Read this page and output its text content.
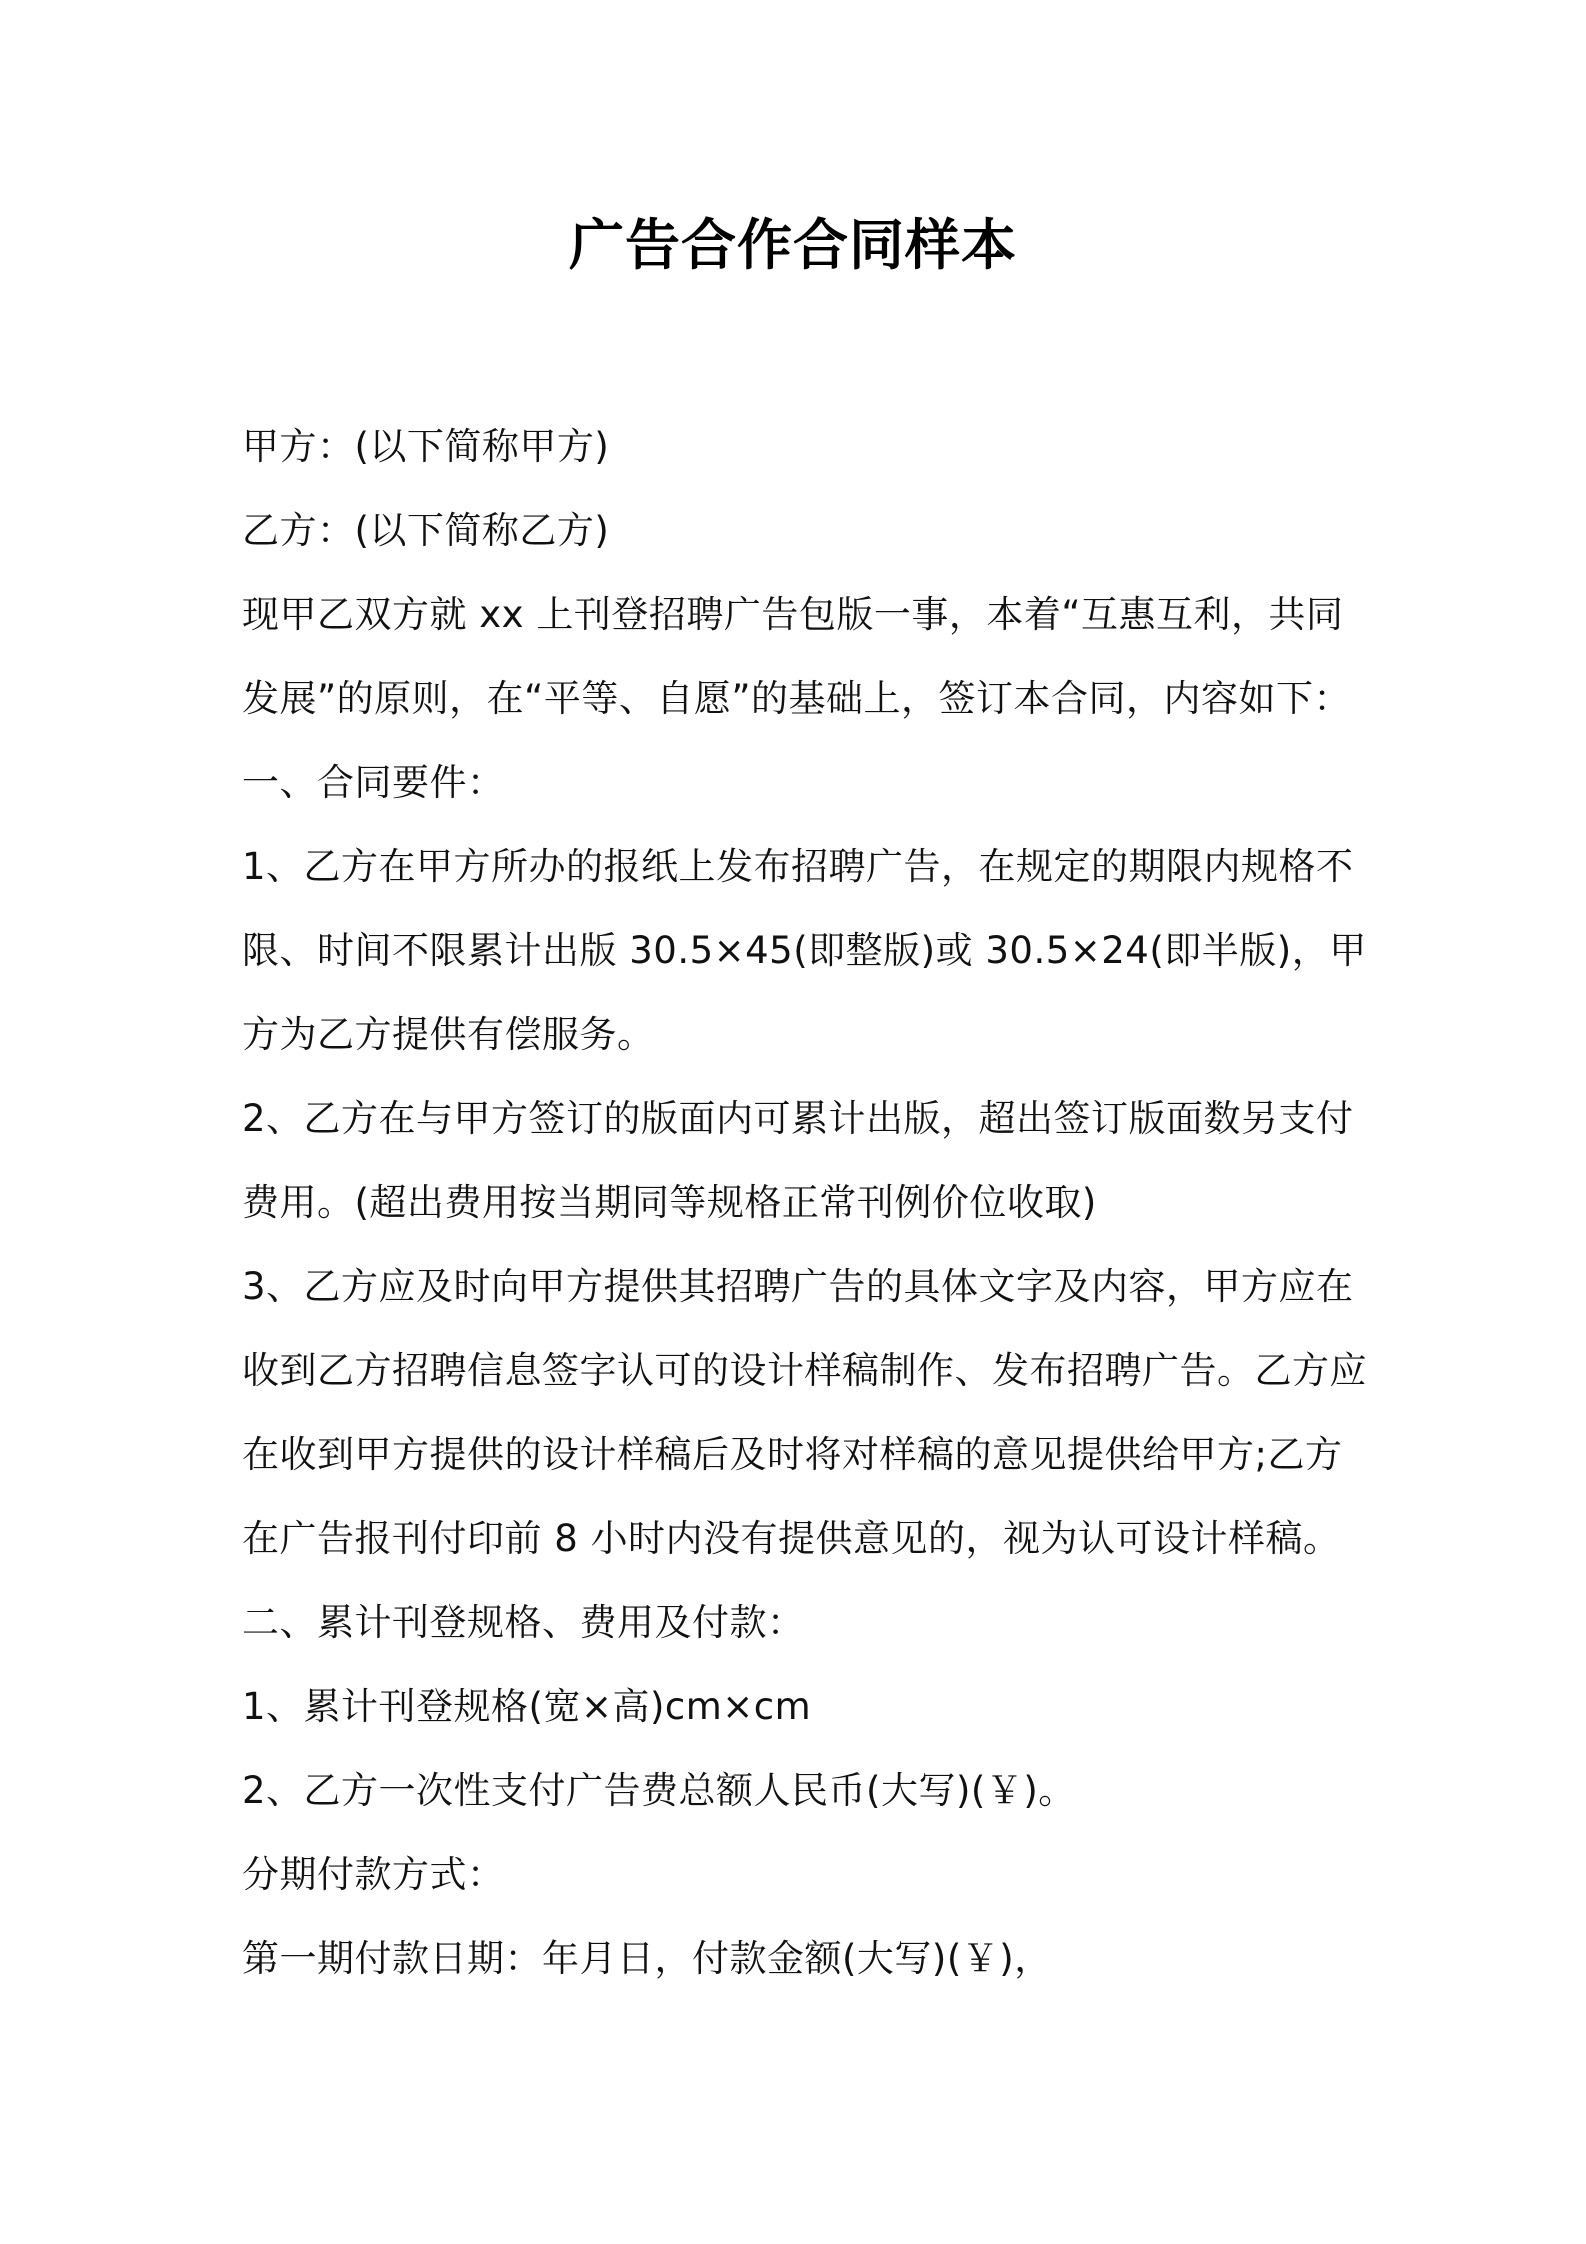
广告合作合同样本
甲方：(以下简称甲方)
乙方：(以下简称乙方)
现甲乙双方就 xx 上刊登招聘广告包版一事，本着“互惠互利，共同
发展”的原则，在“平等、自愿”的基础上，签订本合同，内容如下：
一、合同要件：
1、乙方在甲方所办的报纸上发布招聘广告，在规定的期限内规格不
限、时间不限累计出版 30.5×45(即整版)或 30.5×24(即半版)，甲
方为乙方提供有偿服务。
2、乙方在与甲方签订的版面内可累计出版，超出签订版面数另支付
费用。(超出费用按当期同等规格正常刊例价位收取)
3、乙方应及时向甲方提供其招聘广告的具体文字及内容，甲方应在
收到乙方招聘信息签字认可的设计样稿制作、发布招聘广告。乙方应
在收到甲方提供的设计样稿后及时将对样稿的意见提供给甲方;乙方
在广告报刊付印前 8 小时内没有提供意见的，视为认可设计样稿。
二、累计刊登规格、费用及付款：
1、累计刊登规格(宽×高)cm×cm
2、乙方一次性支付广告费总额人民币(大写)(￥)。
分期付款方式：
第一期付款日期：年月日，付款金额(大写)(￥)，
